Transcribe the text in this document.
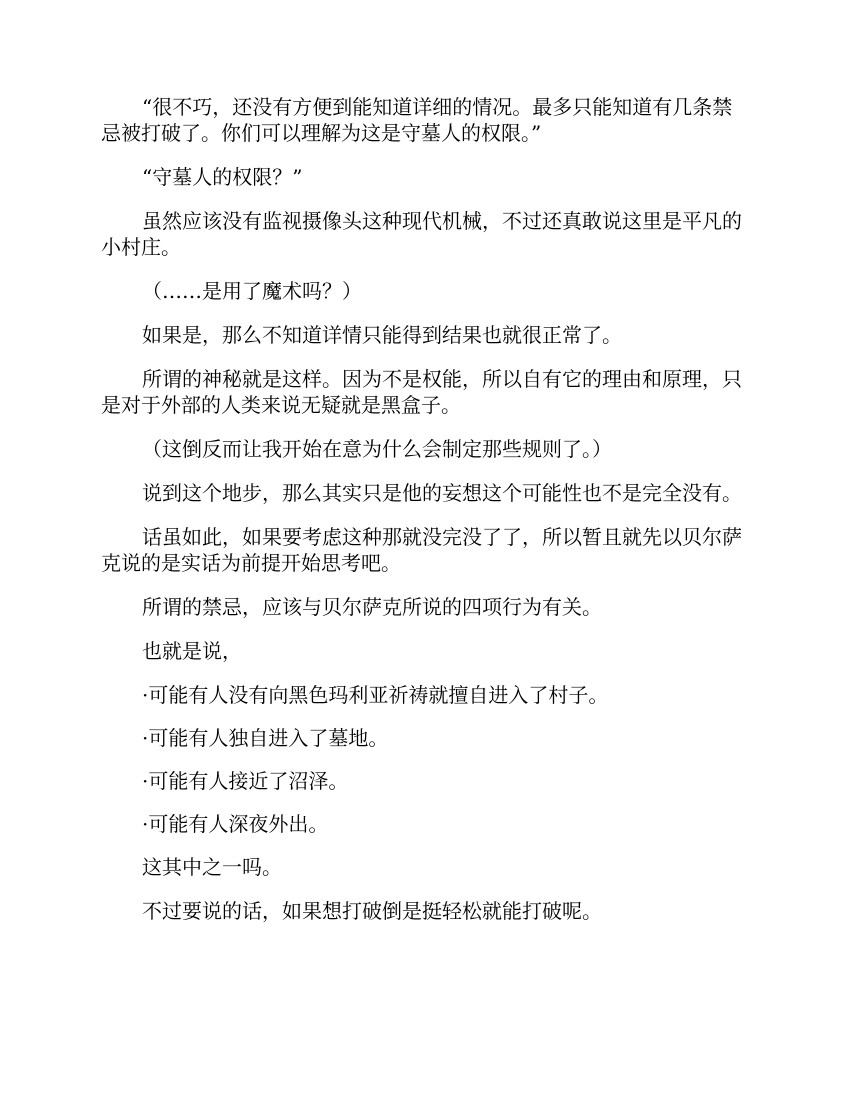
“很不巧，还没有方便到能知道详细的情况。最多只能知道有几条禁忌被打破了。你们可以理解为这是守墓人的权限。”

“守墓人的权限？”

虽然应该没有监视摄像头这种现代机械，不过还真敢说这里是平凡的小村庄。

（……是用了魔术吗？）

如果是，那么不知道详情只能得到结果也就很正常了。

所谓的神秘就是这样。因为不是权能，所以自有它的理由和原理，只是对于外部的人类来说无疑就是黑盒子。

（这倒反而让我开始在意为什么会制定那些规则了。）

说到这个地步，那么其实只是他的妄想这个可能性也不是完全没有。

话虽如此，如果要考虑这种那就没完没了了，所以暂且就先以贝尔萨克说的是实话为前提开始思考吧。

所谓的禁忌，应该与贝尔萨克所说的四项行为有关。

也就是说，

·可能有人没有向黑色玛利亚祈祷就擅自进入了村子。

·可能有人独自进入了墓地。

·可能有人接近了沼泽。

·可能有人深夜外出。

这其中之一吗。

不过要说的话，如果想打破倒是挺轻松就能打破呢。
